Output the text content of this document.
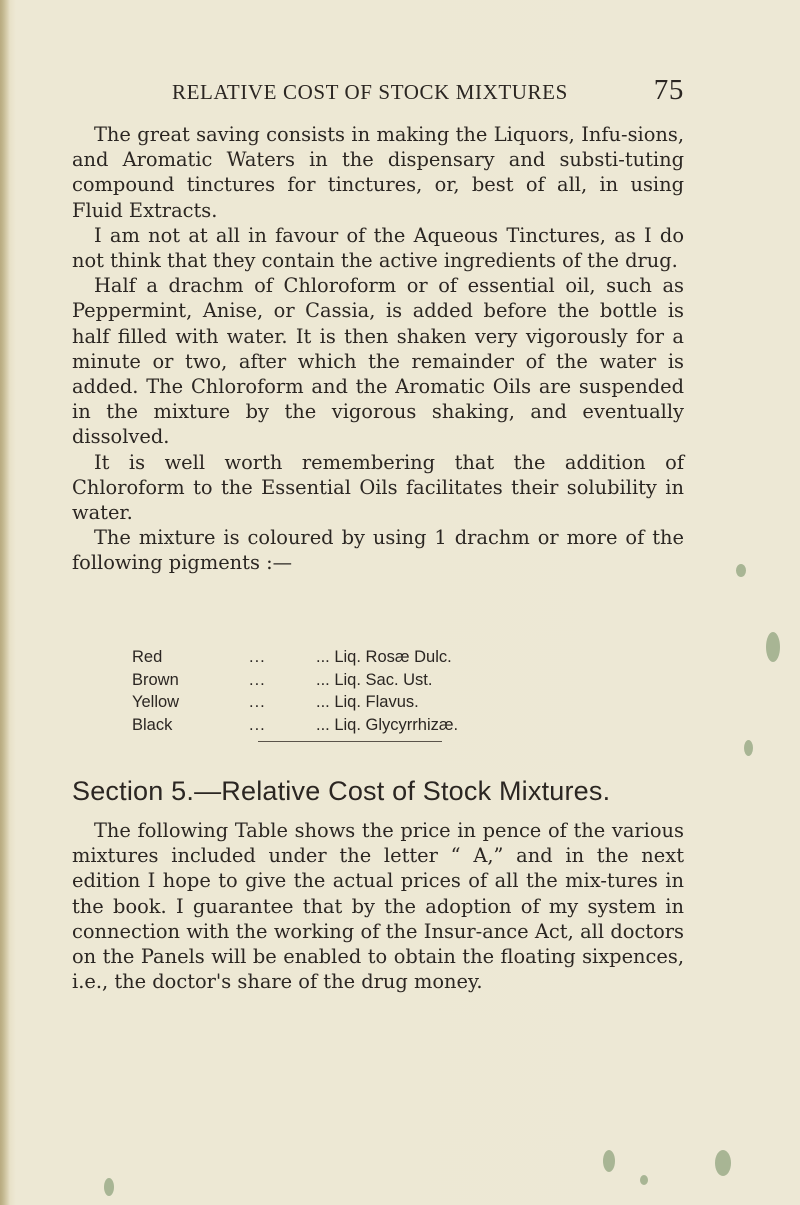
RELATIVE COST OF STOCK MIXTURES	75

The great saving consists in making the Liquors, Infu-sions, and Aromatic Waters in the dispensary and substi-tuting compound tinctures for tinctures, or, best of all, in using Fluid Extracts.

I am not at all in favour of the Aqueous Tinctures, as I do not think that they contain the active ingredients of the drug.

Half a drachm of Chloroform or of essential oil, such as Peppermint, Anise, or Cassia, is added before the bottle is half filled with water. It is then shaken very vigorously for a minute or two, after which the remainder of the water is added. The Chloroform and the Aromatic Oils are suspended in the mixture by the vigorous shaking, and eventually dissolved.

It is well worth remembering that the addition of Chloroform to the Essential Oils facilitates their solubility in water.

The mixture is coloured by using 1 drachm or more of the following pigments :—

Red	...	... Liq. Rosæ Dulc.
Brown	...	... Liq. Sac. Ust.
Yellow	...	... Liq. Flavus.
Black	...	... Liq. Glycyrrhizæ.
Section 5.—Relative Cost of Stock Mixtures.

The following Table shows the price in pence of the various mixtures included under the letter “ A,” and in the next edition I hope to give the actual prices of all the mix-tures in the book. I guarantee that by the adoption of my system in connection with the working of the Insur-ance Act, all doctors on the Panels will be enabled to obtain the floating sixpences, i.e., the doctor's share of the drug money.
